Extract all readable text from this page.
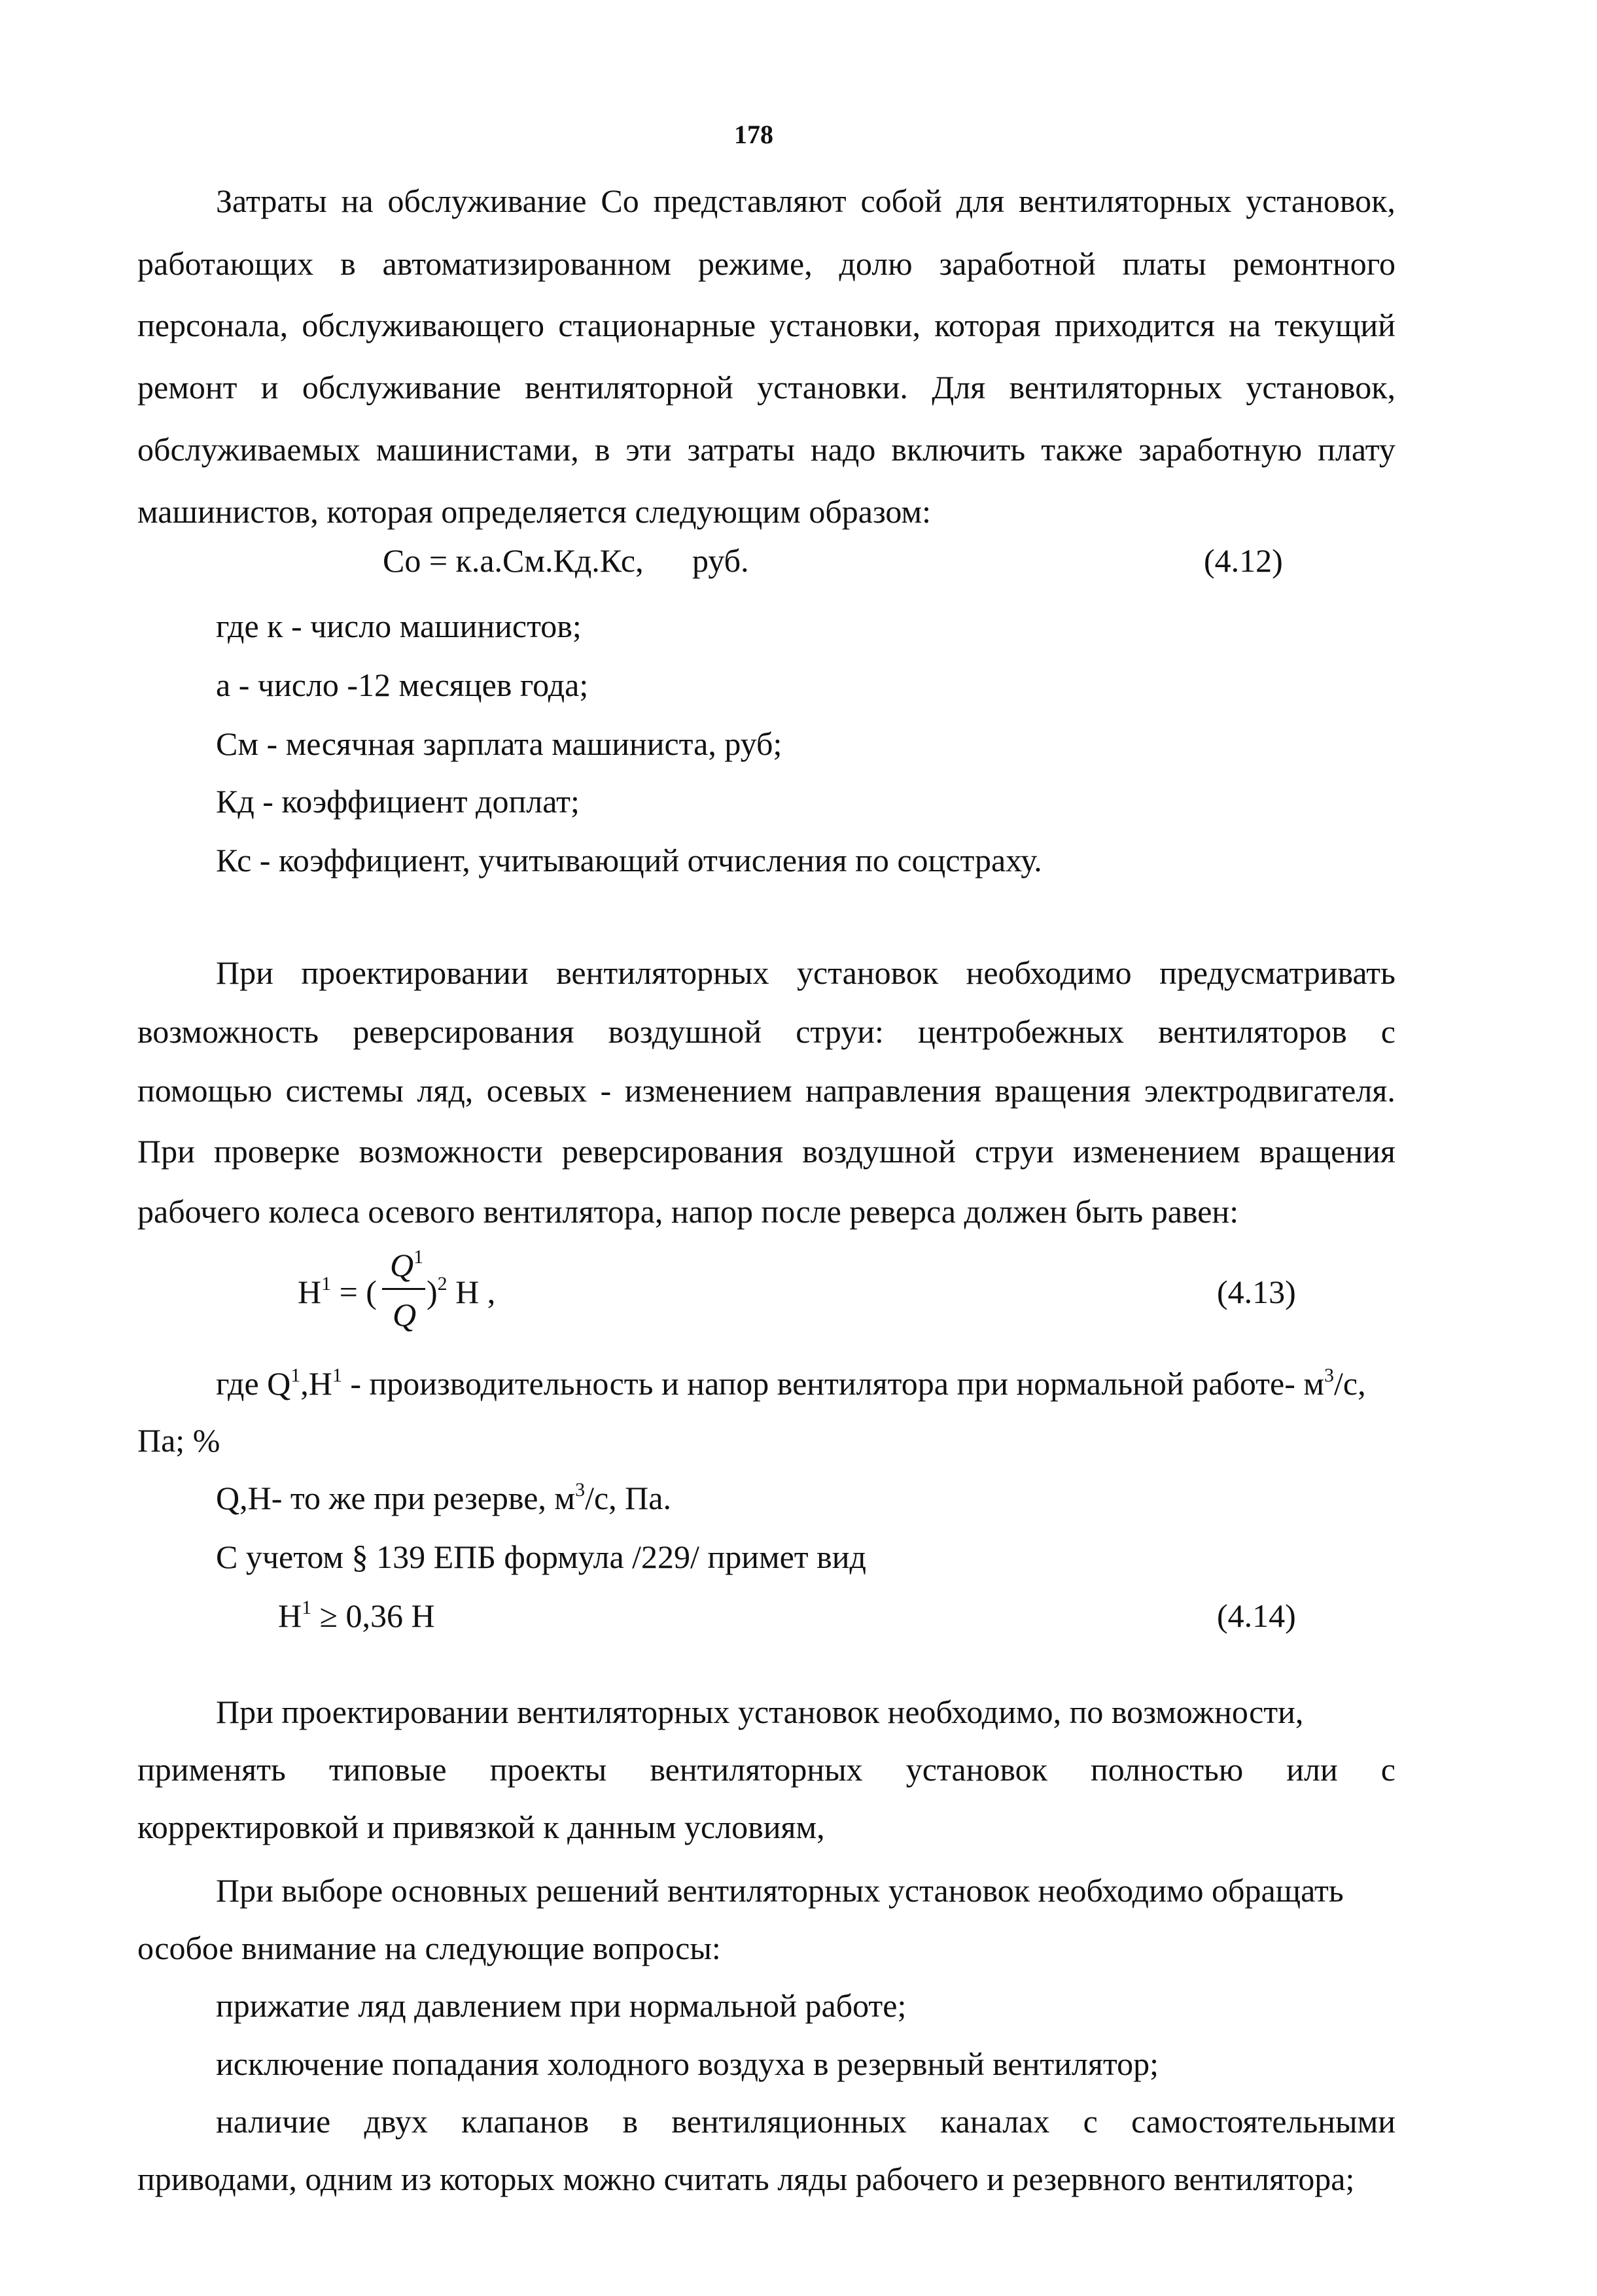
178
Затраты на обслуживание Со представляют собой для вентиляторных установок,
работающих в автоматизированном режиме, долю заработной платы ремонтного
персонала, обслуживающего стационарные установки, которая приходится на текущий
ремонт и обслуживание вентиляторной установки. Для вентиляторных установок,
обслуживаемых машинистами, в эти затраты надо включить также заработную плату
машинистов, которая определяется следующим образом:
Со = к.а.См.Кд.Кс, руб.	(4.12)
где к - число машинистов;
а - число -12 месяцев года;
См - месячная зарплата машиниста, руб;
Кд - коэффициент доплат;
Кс - коэффициент, учитывающий отчисления по соцстраху.
При проектировании вентиляторных установок необходимо предусматривать
возможность реверсирования воздушной струи: центробежных вентиляторов с
помощью системы ляд, осевых - изменением направления вращения электродвигателя.
При проверке возможности реверсирования воздушной струи изменением вращения
рабочего колеса осевого вентилятора, напор после реверса должен быть равен:
$H^1$ = (
$Q^1$
Q
)$^2$ H ,	(4.13)
где $Q^1,H^1$ - производительность и напор вентилятора при нормальной работе- $м^3/с$,
Па; %
Q,H- то же при резерве, $м^3/с$, Па.
С учетом § 139 ЕПБ формула /229/ примет вид
$H^1 \ge 0,36$ H	(4.14)
При проектировании вентиляторных установок необходимо, по возможности,
применять типовые проекты вентиляторных установок полностью или с
корректировкой и привязкой к данным условиям,
При выборе основных решений вентиляторных установок необходимо обращать
особое внимание на следующие вопросы:
прижатие ляд давлением при нормальной работе;
исключение попадания холодного воздуха в резервный вентилятор;
наличие двух клапанов в вентиляционных каналах с самостоятельными
приводами, одним из которых можно считать ляды рабочего и резервного вентилятора;
